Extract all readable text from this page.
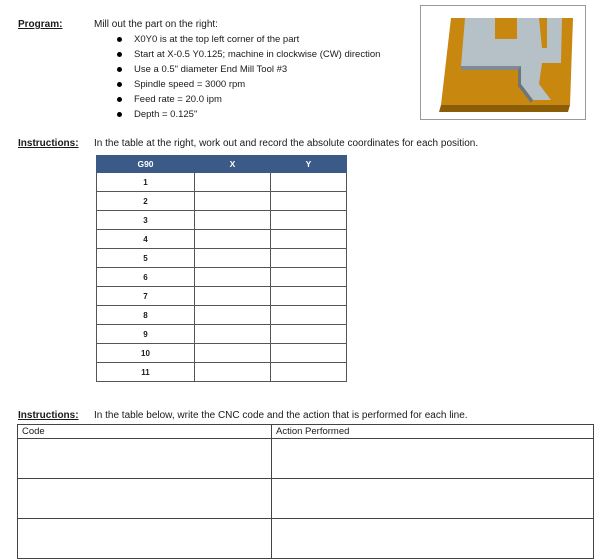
Program:	Mill out the part on the right:
X0Y0 is at the top left corner of the part
Start at X-0.5 Y0.125; machine in clockwise (CW) direction
Use a 0.5" diameter End Mill Tool #3
Spindle speed = 3000 rpm
Feed rate = 20.0 ipm
Depth = 0.125"
Instructions: In the table at the right, work out and record the absolute coordinates for each position.
G90	X	Y
1		
2		
3		
4		
5		
6		
7		
8		
9		
10		
11		
Instructions: In the table below, write the CNC code and the action that is performed for each line.
Code	Action Performed
